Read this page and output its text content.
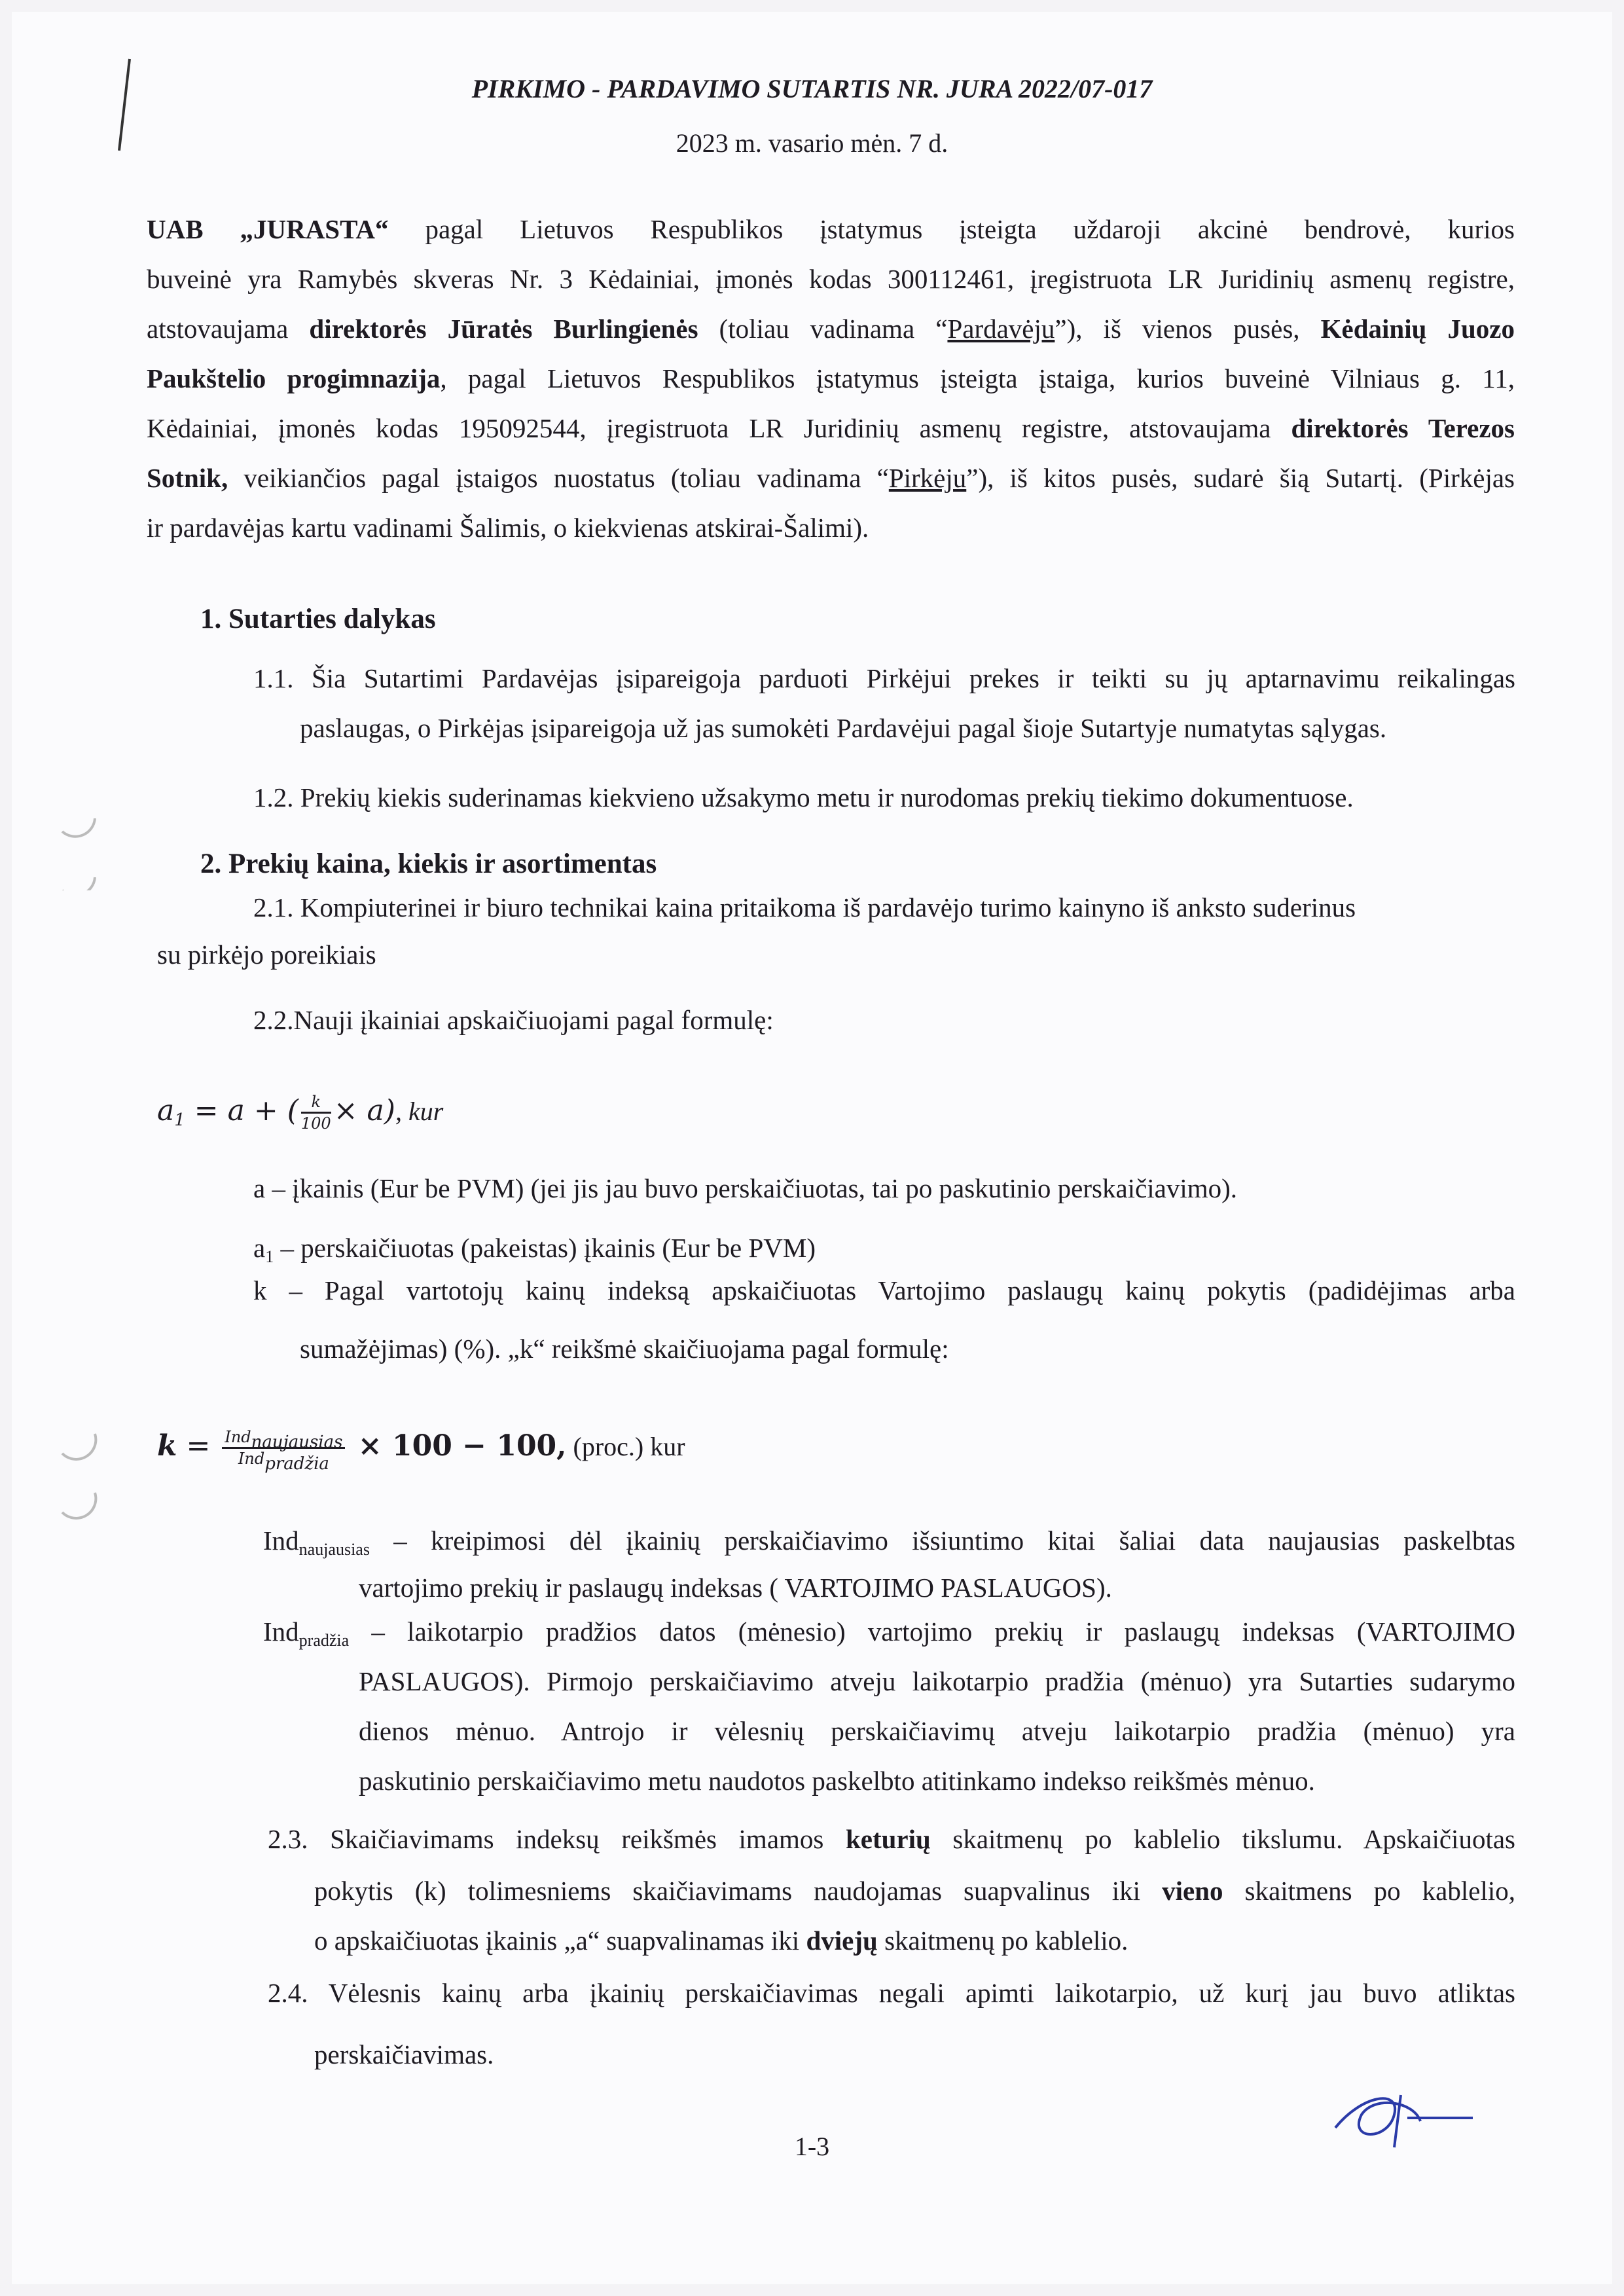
PIRKIMO - PARDAVIMO SUTARTIS NR. JURA 2022/07-017
2023 m. vasario mėn. 7 d.
UAB „JURASTA“ pagal Lietuvos Respublikos įstatymus įsteigta uždaroji akcinė bendrovė, kurios
buveinė yra Ramybės skveras Nr. 3 Kėdainiai, įmonės kodas 300112461, įregistruota LR Juridinių asmenų registre,
atstovaujama direktorės Jūratės Burlingienės (toliau vadinama “Pardavėju”), iš vienos pusės, Kėdainių Juozo
Paukštelio progimnazija, pagal Lietuvos Respublikos įstatymus įsteigta įstaiga, kurios buveinė Vilniaus g. 11,
Kėdainiai, įmonės kodas 195092544, įregistruota LR Juridinių asmenų registre, atstovaujama direktorės Terezos
Sotnik, veikiančios pagal įstaigos nuostatus (toliau vadinama “Pirkėju”), iš kitos pusės, sudarė šią Sutartį. (Pirkėjas
ir pardavėjas kartu vadinami Šalimis, o kiekvienas atskirai-Šalimi).
1. Sutarties dalykas
1.1. Šia Sutartimi Pardavėjas įsipareigoja parduoti Pirkėjui prekes ir teikti su jų aptarnavimu reikalingas
paslaugas, o Pirkėjas įsipareigoja už jas sumokėti Pardavėjui pagal šioje Sutartyje numatytas sąlygas.
1.2. Prekių kiekis suderinamas kiekvieno užsakymo metu ir nurodomas prekių tiekimo dokumentuose.
2. Prekių kaina, kiekis ir asortimentas
2.1. Kompiuterinei ir biuro technikai kaina pritaikoma iš pardavėjo turimo kainyno iš anksto suderinus
su pirkėjo poreikiais
2.2.Nauji įkainiai apskaičiuojami pagal formulę:
$a_1 = a$ + ( $\frac{k}{100} \times a$), kur
a – įkainis (Eur be PVM) (jei jis jau buvo perskaičiuotas, tai po paskutinio perskaičiavimo).
$a_1$ – perskaičiuotas (pakeistas) įkainis (Eur be PVM)
k – Pagal vartotojų kainų indeksą apskaičiuotas Vartojimo paslaugų kainų pokytis (padidėjimas arba
sumažėjimas) (%). „k“ reikšmė skaičiuojama pagal formulę:
$k = \frac{Ind_{naujausias}}{Ind_{pradžia}} \times 100 - 100$, (proc.) kur
Ind$_{naujausias}$ – kreipimosi dėl įkainių perskaičiavimo išsiuntimo kitai šaliai data naujausias paskelbtas
vartojimo prekių ir paslaugų indeksas ( VARTOJIMO PASLAUGOS).
Ind$_{pradžia}$ – laikotarpio pradžios datos (mėnesio) vartojimo prekių ir paslaugų indeksas (VARTOJIMO
PASLAUGOS). Pirmojo perskaičiavimo atveju laikotarpio pradžia (mėnuo) yra Sutarties sudarymo
dienos mėnuo. Antrojo ir vėlesnių perskaičiavimų atveju laikotarpio pradžia (mėnuo) yra
paskutinio perskaičiavimo metu naudotos paskelbto atitinkamo indekso reikšmės mėnuo.
2.3. Skaičiavimams indeksų reikšmės imamos keturių skaitmenų po kablelio tikslumu. Apskaičiuotas
pokytis (k) tolimesniems skaičiavimams naudojamas suapvalinus iki vieno skaitmens po kablelio,
o apskaičiuotas įkainis „a“ suapvalinamas iki dviejų skaitmenų po kablelio.
2.4. Vėlesnis kainų arba įkainių perskaičiavimas negali apimti laikotarpio, už kurį jau buvo atliktas
perskaičiavimas.
1-3
